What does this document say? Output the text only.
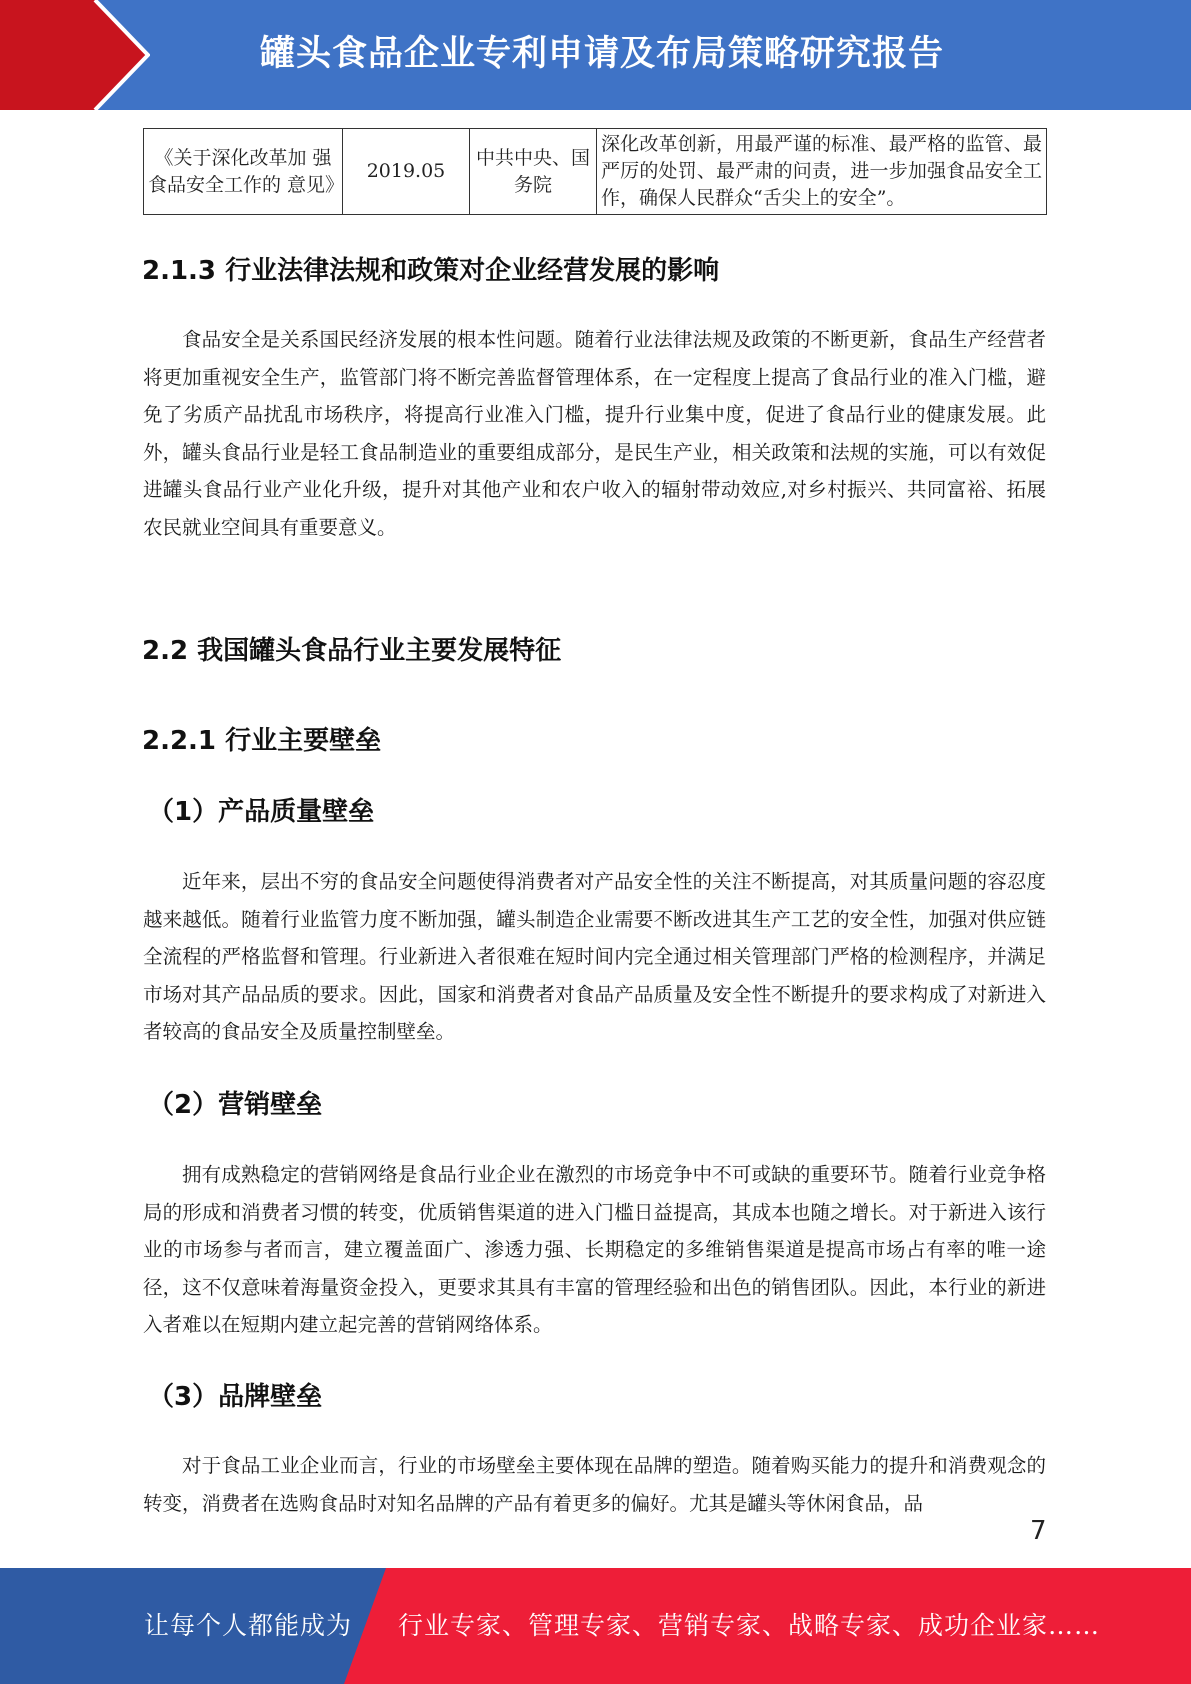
罐头食品企业专利申请及布局策略研究报告
《关于深化改革加 强食品安全工作的 意见》	2019.05	中共中央、国务院	深化改革创新，用最严谨的标准、最严格的监管、最严厉的处罚、最严肃的问责，进一步加强食品安全工作，确保人民群众“舌尖上的安全”。
2.1.3 行业法律法规和政策对企业经营发展的影响

食品安全是关系国民经济发展的根本性问题。随着行业法律法规及政策的不断更新，食品生产经营者将更加重视安全生产，监管部门将不断完善监督管理体系，在一定程度上提高了食品行业的准入门槛，避免了劣质产品扰乱市场秩序，将提高行业准入门槛，提升行业集中度，促进了食品行业的健康发展。此外，罐头食品行业是轻工食品制造业的重要组成部分，是民生产业，相关政策和法规的实施，可以有效促进罐头食品行业产业化升级，提升对其他产业和农户收入的辐射带动效应,对乡村振兴、共同富裕、拓展农民就业空间具有重要意义。

2.2 我国罐头食品行业主要发展特征
2.2.1 行业主要壁垒
（1）产品质量壁垒

近年来，层出不穷的食品安全问题使得消费者对产品安全性的关注不断提高，对其质量问题的容忍度越来越低。随着行业监管力度不断加强，罐头制造企业需要不断改进其生产工艺的安全性，加强对供应链全流程的严格监督和管理。行业新进入者很难在短时间内完全通过相关管理部门严格的检测程序，并满足市场对其产品品质的要求。因此，国家和消费者对食品产品质量及安全性不断提升的要求构成了对新进入者较高的食品安全及质量控制壁垒。

（2）营销壁垒

拥有成熟稳定的营销网络是食品行业企业在激烈的市场竞争中不可或缺的重要环节。随着行业竞争格局的形成和消费者习惯的转变，优质销售渠道的进入门槛日益提高，其成本也随之增长。对于新进入该行业的市场参与者而言，建立覆盖面广、渗透力强、长期稳定的多维销售渠道是提高市场占有率的唯一途径，这不仅意味着海量资金投入，更要求其具有丰富的管理经验和出色的销售团队。因此，本行业的新进入者难以在短期内建立起完善的营销网络体系。

（3）品牌壁垒

对于食品工业企业而言，行业的市场壁垒主要体现在品牌的塑造。随着购买能力的提升和消费观念的转变，消费者在选购食品时对知名品牌的产品有着更多的偏好。尤其是罐头等休闲食品，品

7
让每个人都能成为 行业专家、管理专家、营销专家、战略专家、成功企业家……
